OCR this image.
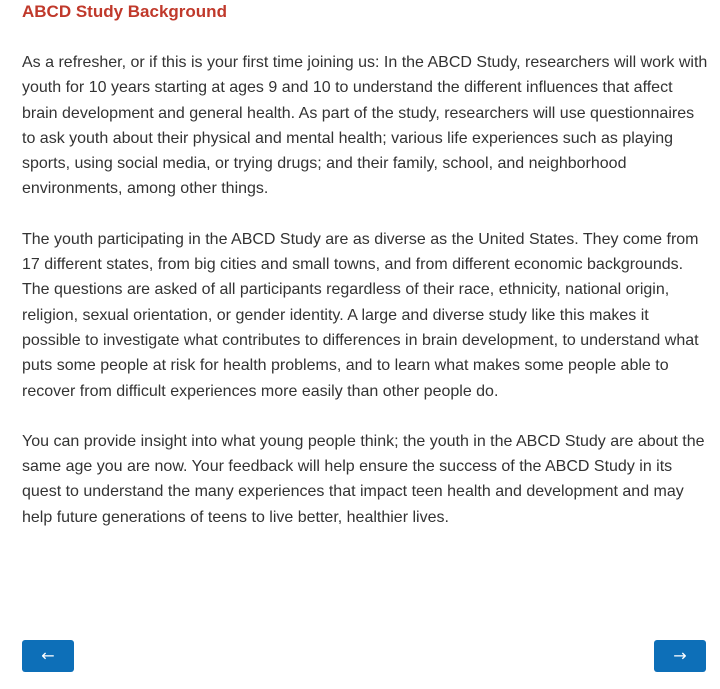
ABCD Study Background

As a refresher, or if this is your first time joining us: In the ABCD Study, researchers will work with youth for 10 years starting at ages 9 and 10 to understand the different influences that affect brain development and general health. As part of the study, researchers will use questionnaires to ask youth about their physical and mental health; various life experiences such as playing sports, using social media, or trying drugs; and their family, school, and neighborhood environments, among other things.

The youth participating in the ABCD Study are as diverse as the United States. They come from 17 different states, from big cities and small towns, and from different economic backgrounds. The questions are asked of all participants regardless of their race, ethnicity, national origin, religion, sexual orientation, or gender identity. A large and diverse study like this makes it possible to investigate what contributes to differences in brain development, to understand what puts some people at risk for health problems, and to learn what makes some people able to recover from difficult experiences more easily than other people do.

You can provide insight into what young people think; the youth in the ABCD Study are about the same age you are now. Your feedback will help ensure the success of the ABCD Study in its quest to understand the many experiences that impact teen health and development and may help future generations of teens to live better, healthier lives.

←	→
